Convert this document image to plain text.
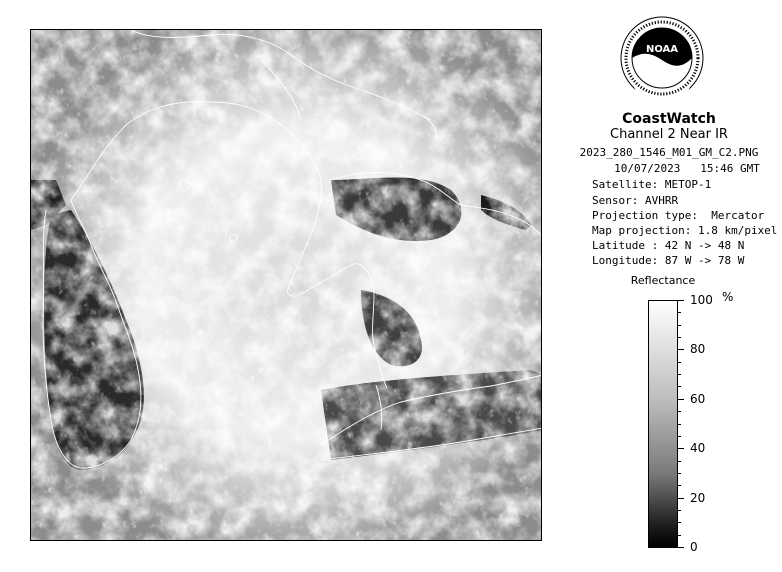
NOAA
CoastWatch
Channel 2 Near IR
2023_280_1546_M01_GM_C2.PNG
10/07/2023 15:46 GMT
Satellite: METOP-1
Sensor: AVHRR
Projection type:  Mercator
Map projection: 1.8 km/pixel
Latitude : 42 N -> 48 N
Longitude: 87 W -> 78 W
Reflectance
%
100
80
60
40
20
0
